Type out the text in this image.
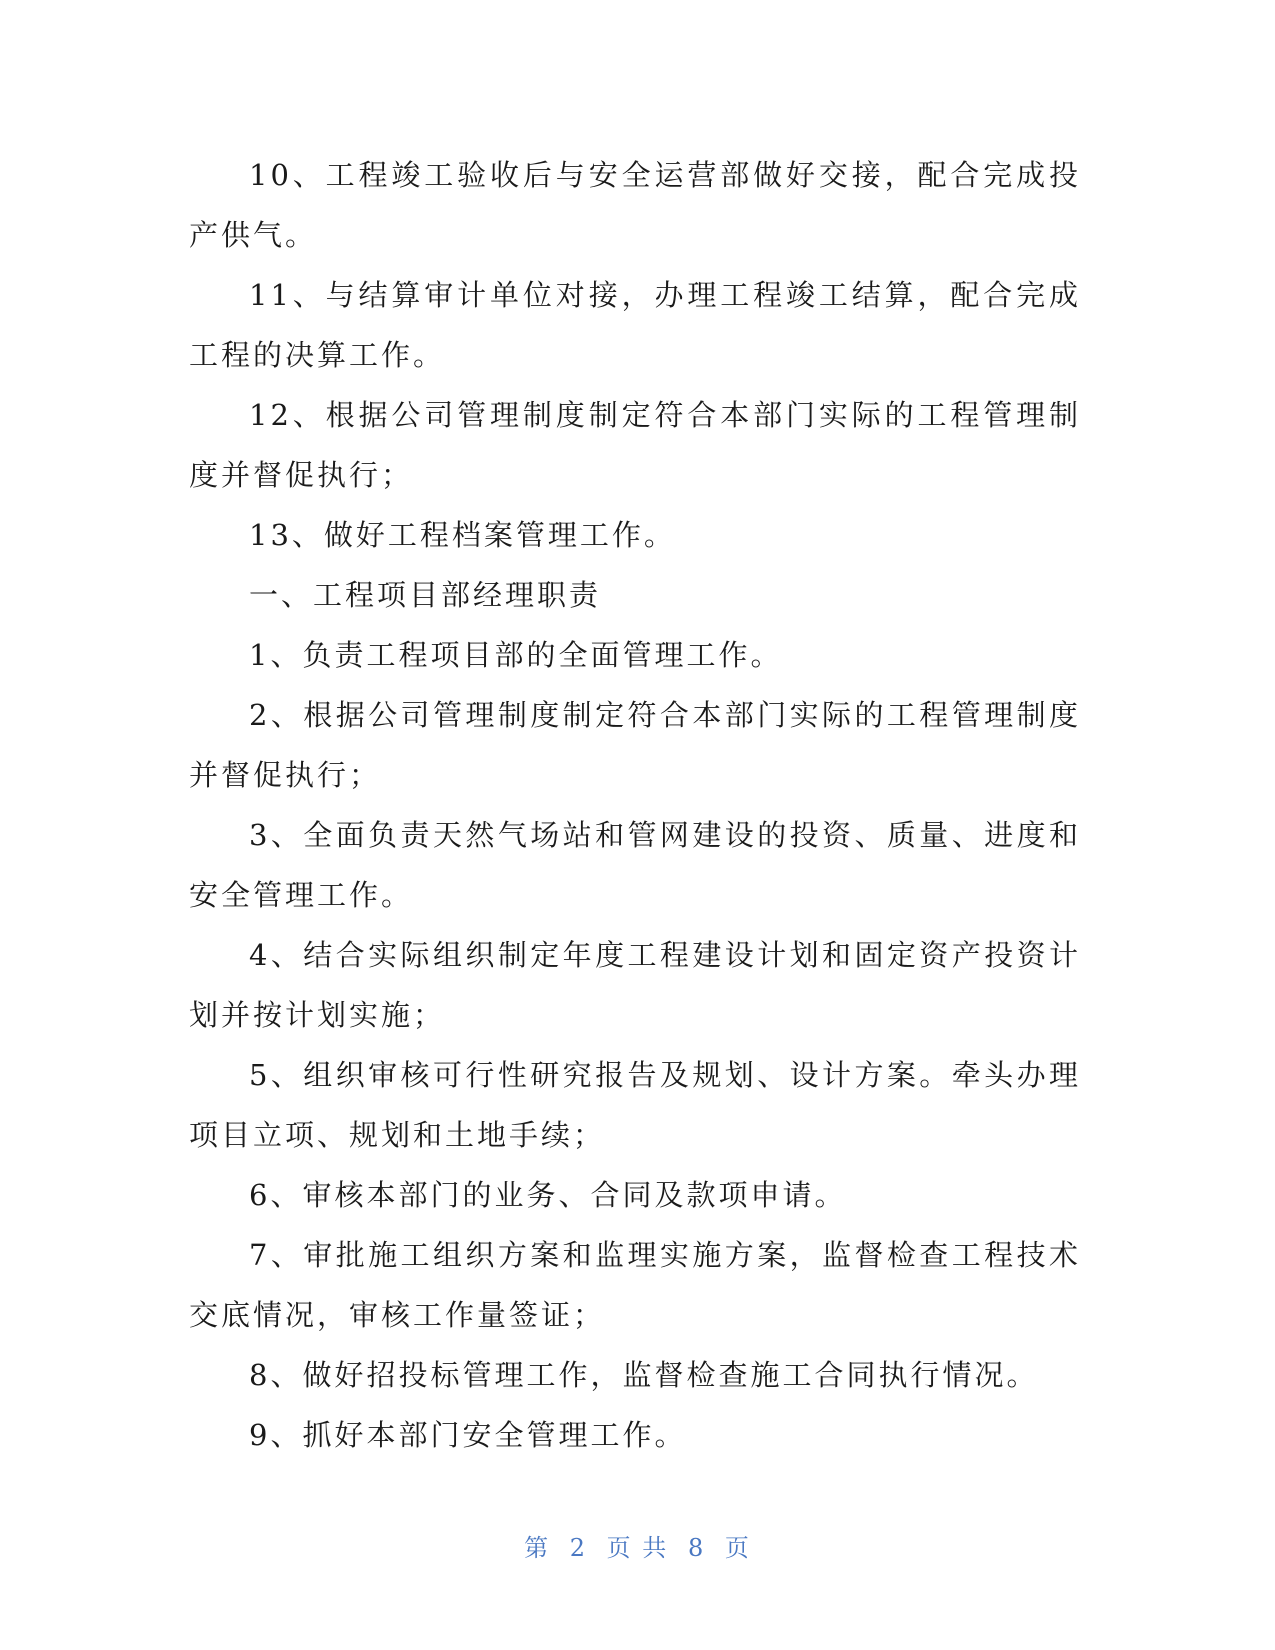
10、工程竣工验收后与安全运营部做好交接，配合完成投产供气。

11、与结算审计单位对接，办理工程竣工结算，配合完成工程的决算工作。

12、根据公司管理制度制定符合本部门实际的工程管理制度并督促执行；

13、做好工程档案管理工作。

一、工程项目部经理职责

1、负责工程项目部的全面管理工作。

2、根据公司管理制度制定符合本部门实际的工程管理制度并督促执行；

3、全面负责天然气场站和管网建设的投资、质量、进度和安全管理工作。

4、结合实际组织制定年度工程建设计划和固定资产投资计划并按计划实施；

5、组织审核可行性研究报告及规划、设计方案。牵头办理项目立项、规划和土地手续；

6、审核本部门的业务、合同及款项申请。

7、审批施工组织方案和监理实施方案，监督检查工程技术交底情况，审核工作量签证；

8、做好招投标管理工作，监督检查施工合同执行情况。

9、抓好本部门安全管理工作。

第 2 页 共 8 页
